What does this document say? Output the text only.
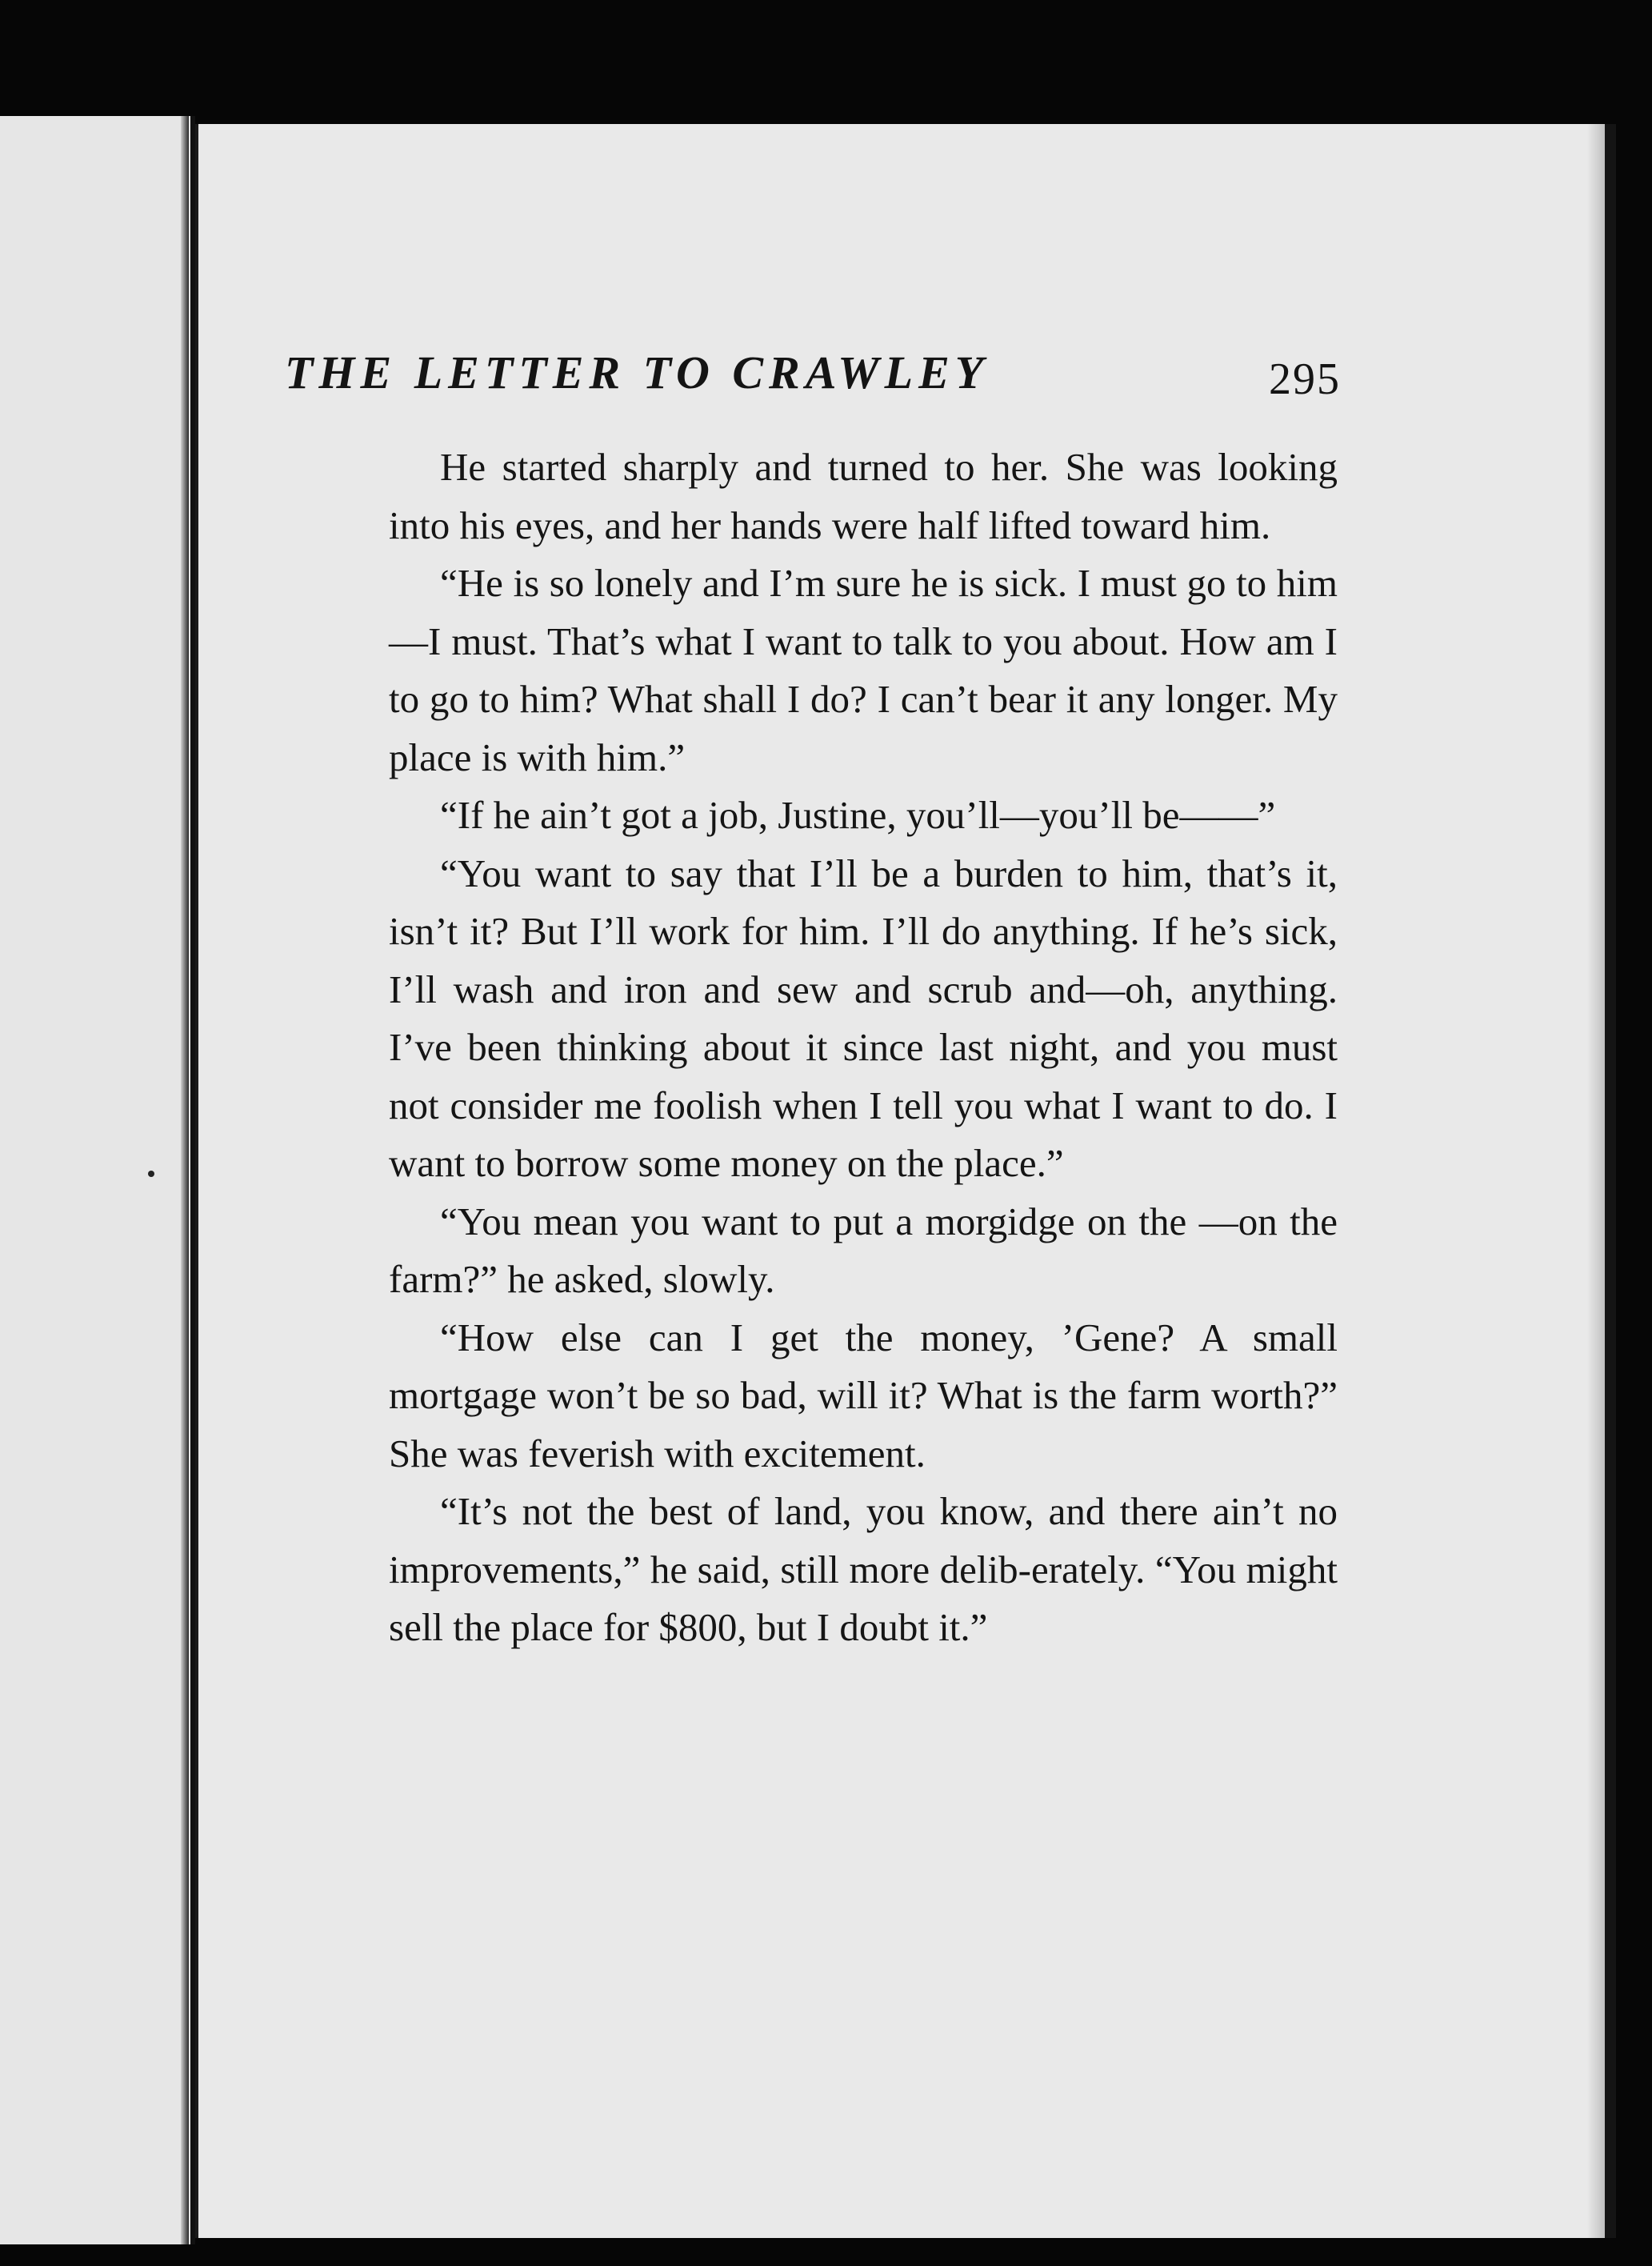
THE LETTER TO CRAWLEY	295

He started sharply and turned to her. She was looking into his eyes, and her hands were half lifted toward him.

“He is so lonely and I’m sure he is sick. I must go to him—I must. That’s what I want to talk to you about. How am I to go to him? What shall I do? I can’t bear it any longer. My place is with him.”

“If he ain’t got a job, Justine, you’ll—you’ll be——”

“You want to say that I’ll be a burden to him, that’s it, isn’t it? But I’ll work for him. I’ll do anything. If he’s sick, I’ll wash and iron and sew and scrub and—oh, anything. I’ve been thinking about it since last night, and you must not consider me foolish when I tell you what I want to do. I want to borrow some money on the place.”

“You mean you want to put a morgidge on the —on the farm?” he asked, slowly.

“How else can I get the money, ’Gene? A small mortgage won’t be so bad, will it? What is the farm worth?” She was feverish with excitement.

“It’s not the best of land, you know, and there ain’t no improvements,” he said, still more delib-erately. “You might sell the place for $800, but I doubt it.”
